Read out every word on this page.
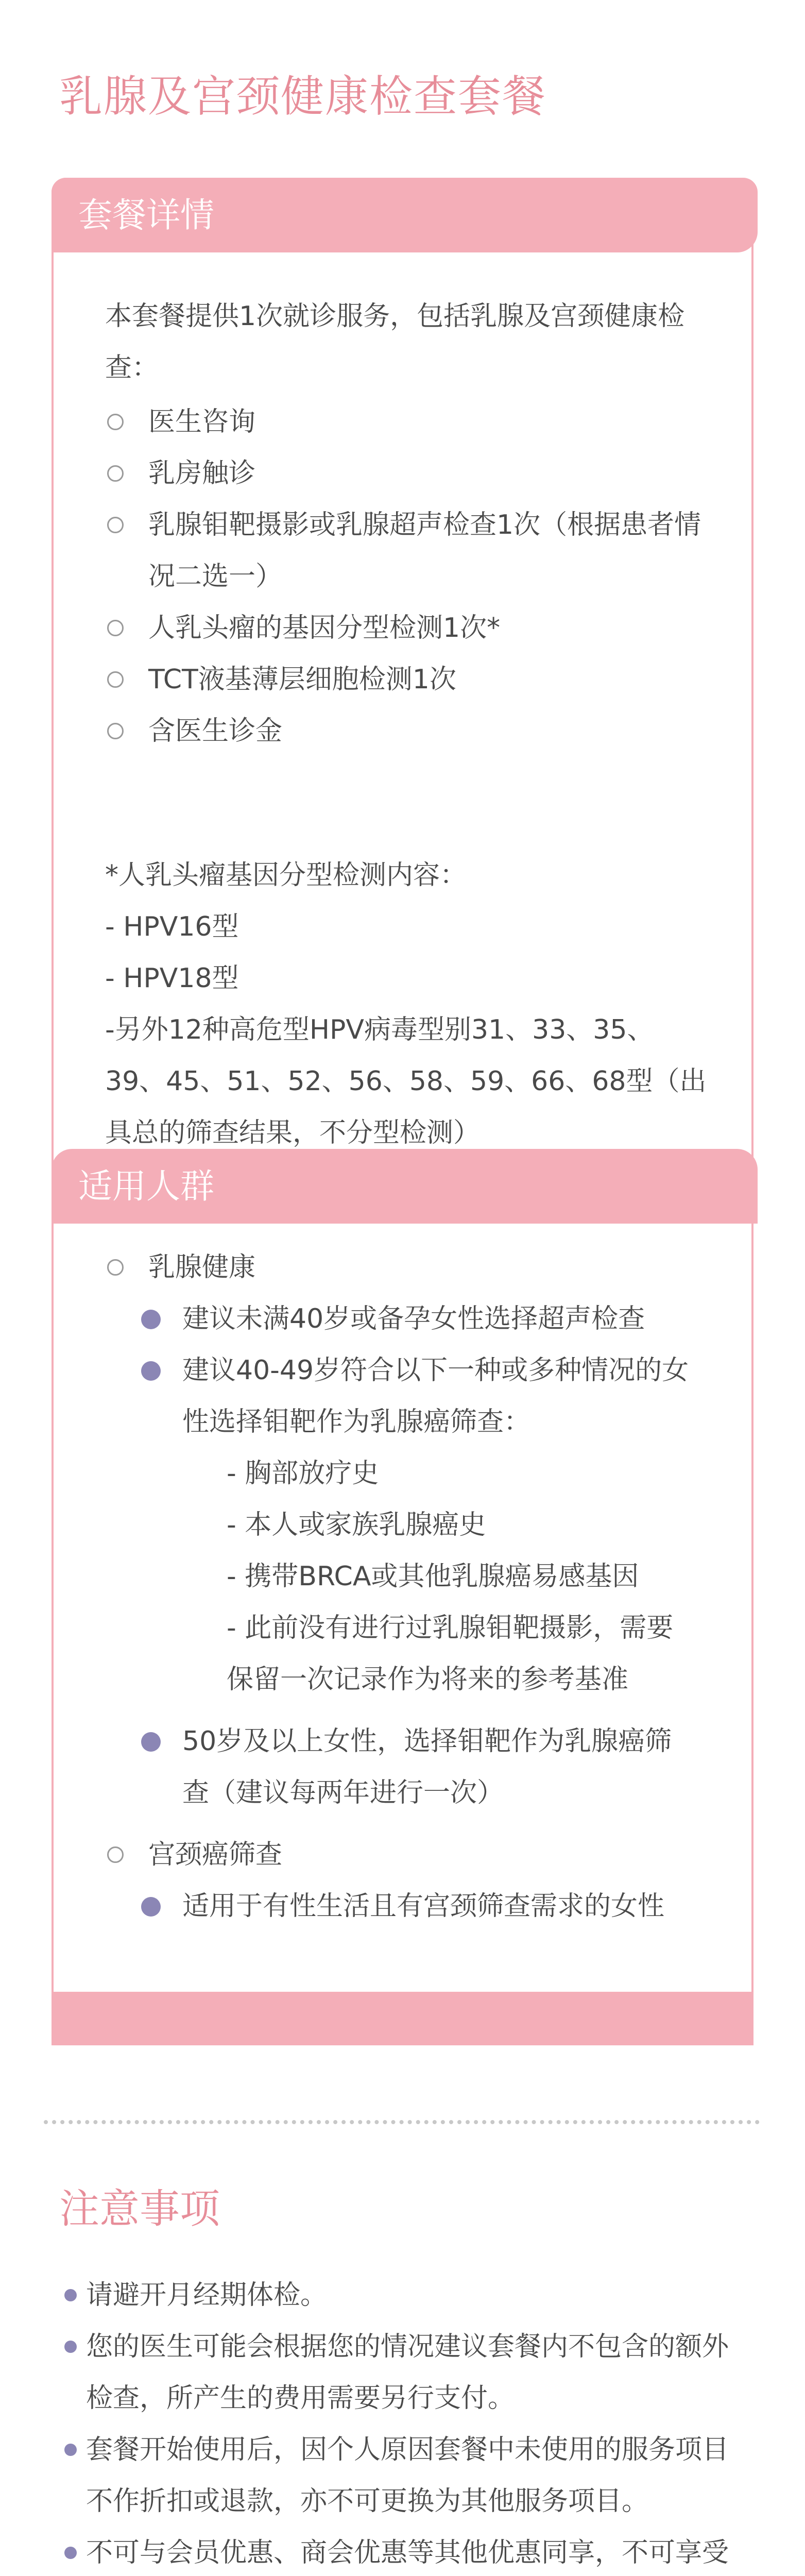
乳腺及宫颈健康检查套餐
套餐详情
本套餐提供1次就诊服务，包括乳腺及宫颈健康检查：
医生咨询
乳房触诊
乳腺钼靶摄影或乳腺超声检查1次（根据患者情况二选一）
人乳头瘤的基因分型检测1次*
TCT液基薄层细胞检测1次
含医生诊金
*人乳头瘤基因分型检测内容：
- HPV16型
- HPV18型
-另外12种高危型HPV病毒型别31、33、35、39、45、51、52、56、58、59、66、68型（出具总的筛查结果，不分型检测）
适用人群
乳腺健康
建议未满40岁或备孕女性选择超声检查
建议40-49岁符合以下一种或多种情况的女性选择钼靶作为乳腺癌筛查：
- 胸部放疗史
- 本人或家族乳腺癌史
- 携带BRCA或其他乳腺癌易感基因
- 此前没有进行过乳腺钼靶摄影，需要保留一次记录作为将来的参考基准
50岁及以上女性，选择钼靶作为乳腺癌筛查（建议每两年进行一次）
宫颈癌筛查
适用于有性生活且有宫颈筛查需求的女性
注意事项
请避开月经期体检。
您的医生可能会根据您的情况建议套餐内不包含的额外检查，所产生的费用需要另行支付。
套餐开始使用后，因个人原因套餐中未使用的服务项目不作折扣或退款，亦不可更换为其他服务项目。
不可与会员优惠、商会优惠等其他优惠同享，不可享受
